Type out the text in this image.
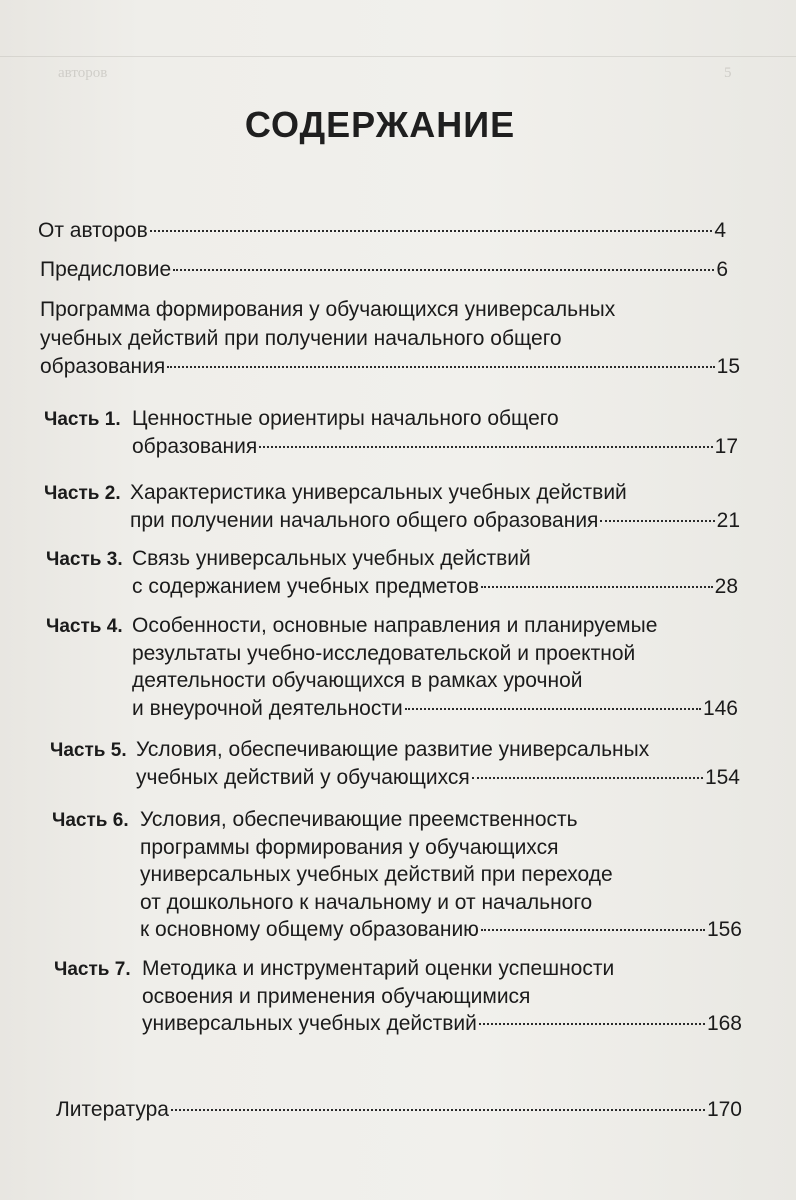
авторов	5
СОДЕРЖАНИЕ
От авторов	4
Предисловие	6
Программа формирования у обучающихся универсальных
учебных действий при получении начального общего
образования	15
Часть 1. Ценностные ориентиры начального общего
образования	17
Часть 2. Характеристика универсальных учебных действий
при получении начального общего образования	21
Часть 3. Связь универсальных учебных действий
с содержанием учебных предметов	28
Часть 4. Особенности, основные направления и планируемые
результаты учебно-исследовательской и проектной
деятельности обучающихся в рамках урочной
и внеурочной деятельности	146
Часть 5. Условия, обеспечивающие развитие универсальных
учебных действий у обучающихся	154
Часть 6. Условия, обеспечивающие преемственность
программы формирования у обучающихся
универсальных учебных действий при переходе
от дошкольного к начальному и от начального
к основному общему образованию	156
Часть 7. Методика и инструментарий оценки успешности
освоения и применения обучающимися
универсальных учебных действий	168
Литература	170
